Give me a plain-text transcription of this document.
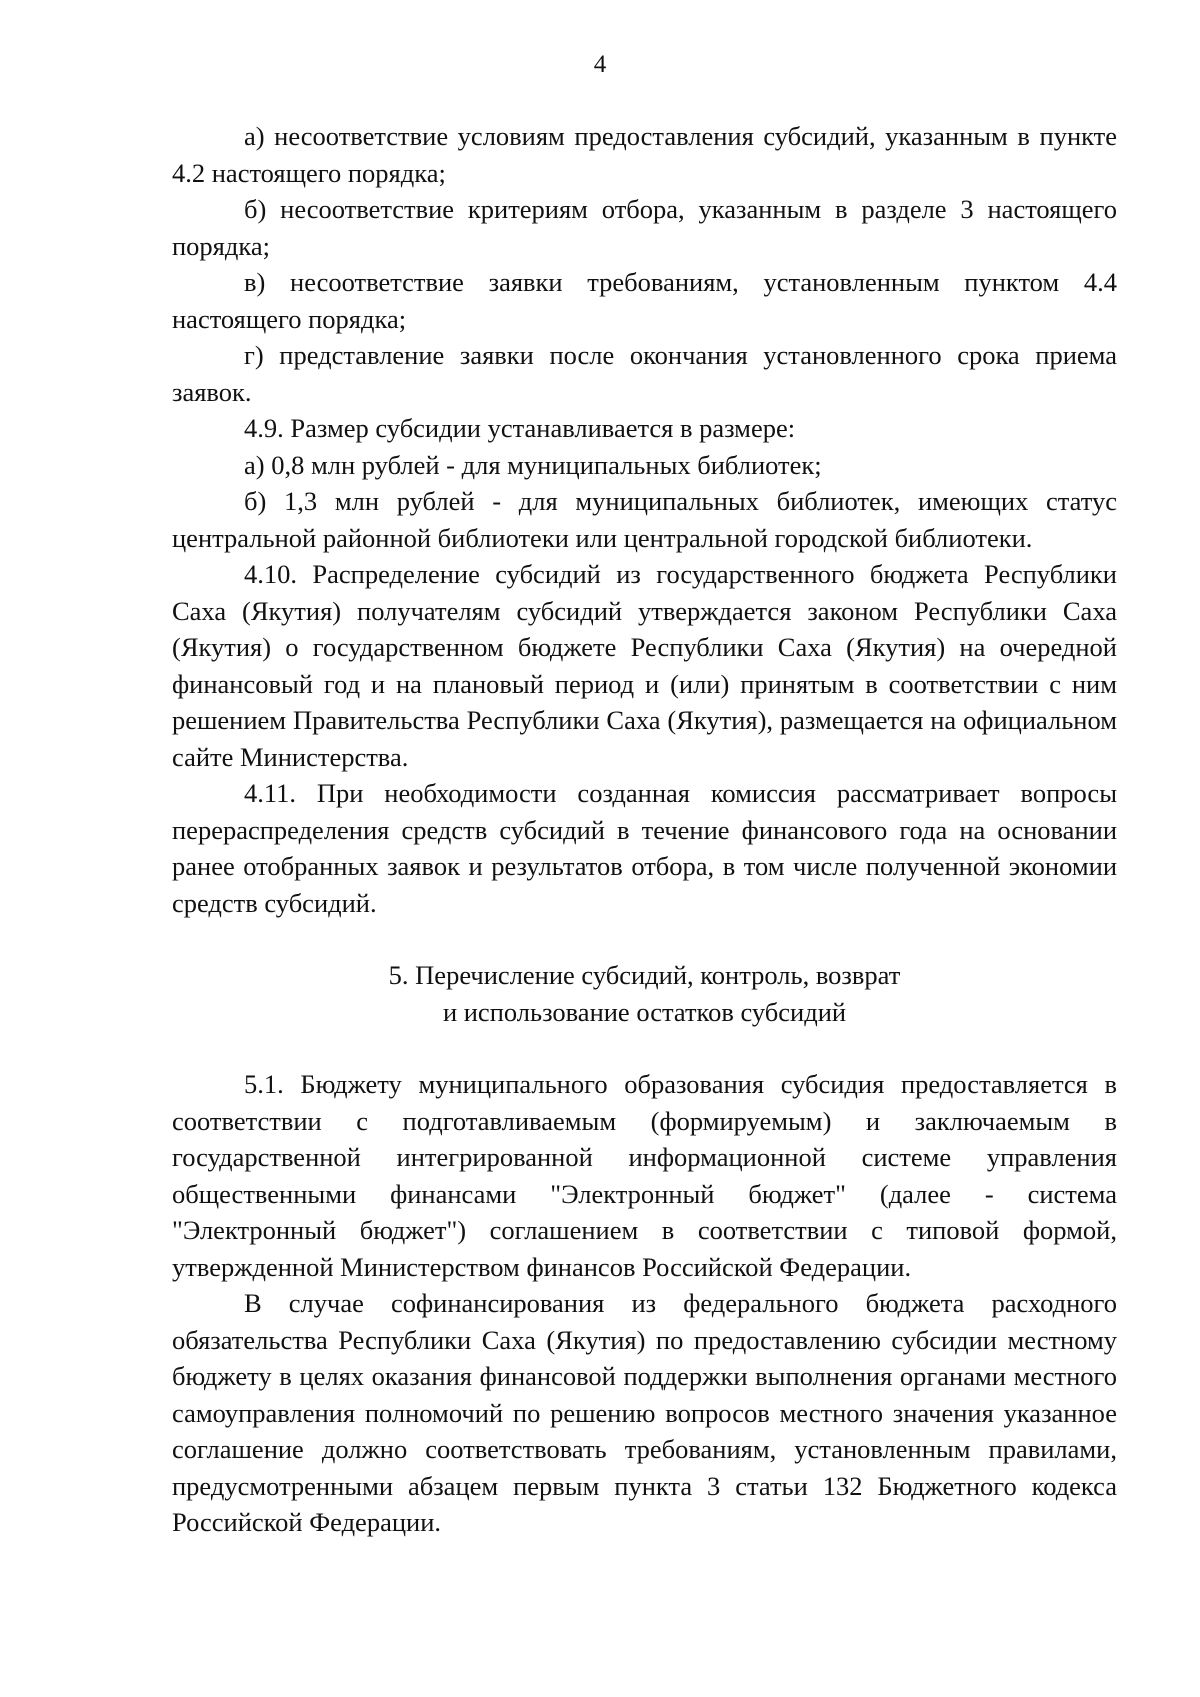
4

а) несоответствие условиям предоставления субсидий, указанным в пункте 4.2 настоящего порядка;

б) несоответствие критериям отбора, указанным в разделе 3 настоящего порядка;

в) несоответствие заявки требованиям, установленным пунктом 4.4 настоящего порядка;

г) представление заявки после окончания установленного срока приема заявок.

4.9. Размер субсидии устанавливается в размере:

а) 0,8 млн рублей - для муниципальных библиотек;

б) 1,3 млн рублей - для муниципальных библиотек, имеющих статус центральной районной библиотеки или центральной городской библиотеки.

4.10. Распределение субсидий из государственного бюджета Республики Саха (Якутия) получателям субсидий утверждается законом Республики Саха (Якутия) о государственном бюджете Республики Саха (Якутия) на очередной финансовый год и на плановый период и (или) принятым в соответствии с ним решением Правительства Республики Саха (Якутия), размещается на официальном сайте Министерства.

4.11. При необходимости созданная комиссия рассматривает вопросы перераспределения средств субсидий в течение финансового года на основании ранее отобранных заявок и результатов отбора, в том числе полученной экономии средств субсидий.

5. Перечисление субсидий, контроль, возврат
и использование остатков субсидий

5.1. Бюджету муниципального образования субсидия предоставляется в соответствии с подготавливаемым (формируемым) и заключаемым в государственной интегрированной информационной системе управления общественными финансами "Электронный бюджет" (далее - система "Электронный бюджет") соглашением в соответствии с типовой формой, утвержденной Министерством финансов Российской Федерации.

В случае софинансирования из федерального бюджета расходного обязательства Республики Саха (Якутия) по предоставлению субсидии местному бюджету в целях оказания финансовой поддержки выполнения органами местного самоуправления полномочий по решению вопросов местного значения указанное соглашение должно соответствовать требованиям, установленным правилами, предусмотренными абзацем первым пункта 3 статьи 132 Бюджетного кодекса Российской Федерации.
